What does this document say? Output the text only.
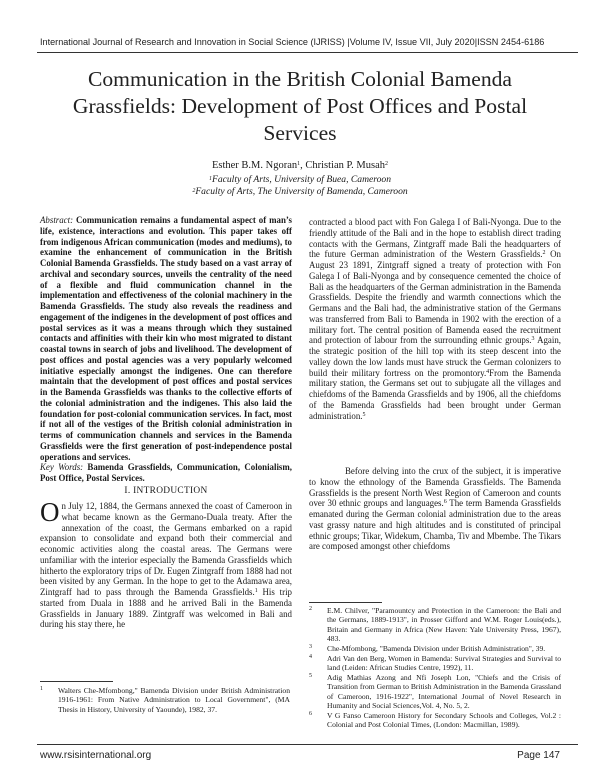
International Journal of Research and Innovation in Social Science (IJRISS) |Volume IV, Issue VII, July 2020|ISSN 2454-6186
Communication in the British Colonial Bamenda
Grassfields: Development of Post Offices and Postal
Services
Esther B.M. Ngoran$^1$, Christian P. Musah$^2$
$^1$Faculty of Arts, University of Buea, Cameroon
$^2$Faculty of Arts, The University of Bamenda, Cameroon
Abstract: Communication remains a fundamental aspect of man’s life, existence, interactions and evolution. This paper takes off from indigenous African communication (modes and mediums), to examine the enhancement of communication in the British Colonial Bamenda Grassfields. The study based on a vast array of archival and secondary sources, unveils the centrality of the need of a flexible and fluid communication channel in the implementation and effectiveness of the colonial machinery in the Bamenda Grassfields. The study also reveals the readiness and engagement of the indigenes in the development of post offices and postal services as it was a means through which they sustained contacts and affinities with their kin who most migrated to distant coastal towns in search of jobs and livelihood. The development of post offices and postal agencies was a very popularly welcomed initiative especially amongst the indigenes. One can therefore maintain that the development of post offices and postal services in the Bamenda Grassfields was thanks to the collective efforts of the colonial administration and the indigenes. This also laid the foundation for post-colonial communication services. In fact, most if not all of the vestiges of the British colonial administration in terms of communication channels and services in the Bamenda Grassfields were the first generation of post-independence postal operations and services.
Key Words: Bamenda Grassfields, Communication, Colonialism, Post Office, Postal Services.
I. INTRODUCTION
O n July 12, 1884, the Germans annexed the coast of Cameroon in what became known as the Germano-Duala treaty. After the annexation of the coast, the Germans embarked on a rapid expansion to consolidate and expand both their commercial and economic activities along the coastal areas. The Germans were unfamiliar with the interior especially the Bamenda Grassfields which hitherto the exploratory trips of Dr. Eugen Zintgraff from 1888 had not been visited by any German. In the hope to get to the Adamawa area, Zintgraff had to pass through the Bamenda Grassfields.$^1$ His trip started from Duala in 1888 and he arrived Bali in the Bamenda Grassfields in January 1889. Zintgraff was welcomed in Bali and during his stay there, he
contracted a blood pact with Fon Galega I of Bali-Nyonga. Due to the friendly attitude of the Bali and in the hope to establish direct trading contacts with the Germans, Zintgraff made Bali the headquarters of the future German administration of the Western Grassfields.$^2$ On August 23 1891, Zintgraff signed a treaty of protection with Fon Galega I of Bali-Nyonga and by consequence cemented the choice of Bali as the headquarters of the German administration in the Bamenda Grassfields. Despite the friendly and warmth connections which the Germans and the Bali had, the administrative station of the Germans was transferred from Bali to Bamenda in 1902 with the erection of a military fort. The central position of Bamenda eased the recruitment and protection of labour from the surrounding ethnic groups.$^3$ Again, the strategic position of the hill top with its steep descent into the valley down the low lands must have struck the German colonizers to build their military fortress on the promontory.$^4$From the Bamenda military station, the Germans set out to subjugate all the villages and chiefdoms of the Bamenda Grassfields and by 1906, all the chiefdoms of the Bamenda Grassfields had been brought under German administration.$^5$
Before delving into the crux of the subject, it is imperative to know the ethnology of the Bamenda Grassfields. The Bamenda Grassfields is the present North West Region of Cameroon and counts over 30 ethnic groups and languages.$^6$ The term Bamenda Grassfields emanated during the German colonial administration due to the areas vast grassy nature and high altitudes and is constituted of principal ethnic groups; Tikar, Widekum, Chamba, Tiv and Mbembe. The Tikars are composed amongst other chiefdoms
1	Walters Che-Mfombong," Bamenda Division under British Administration 1916-1961: From Native Administration to Local Government", (MA Thesis in History, University of Yaounde), 1982, 37.
2	E.M. Chilver, "Paramountcy and Protection in the Cameroon: the Bali and the Germans, 1889-1913", in Prosser Gifford and W.M. Roger Louis(eds.), Britain and Germany in Africa (New Haven: Yale University Press, 1967), 483.
3	Che-Mfombong, "Bamenda Division under British Administration", 39.
4	Adri Van den Berg, Women in Bamenda: Survival Strategies and Survival to land (Leiden: African Studies Centre, 1992), 11.
5	Adig Mathias Azong and Nfi Joseph Lon, "Chiefs and the Crisis of Transition from German to British Administration in the Bamenda Grassland of Cameroon, 1916-1922", International Journal of Novel Research in Humanity and Social Sciences,Vol. 4, No. 5, 2.
6	V G Fanso Cameroon History for Secondary Schools and Colleges, Vol.2 : Colonial and Post Colonial Times, (London: Macmillan, 1989).
www.rsisinternational.org	Page 147
